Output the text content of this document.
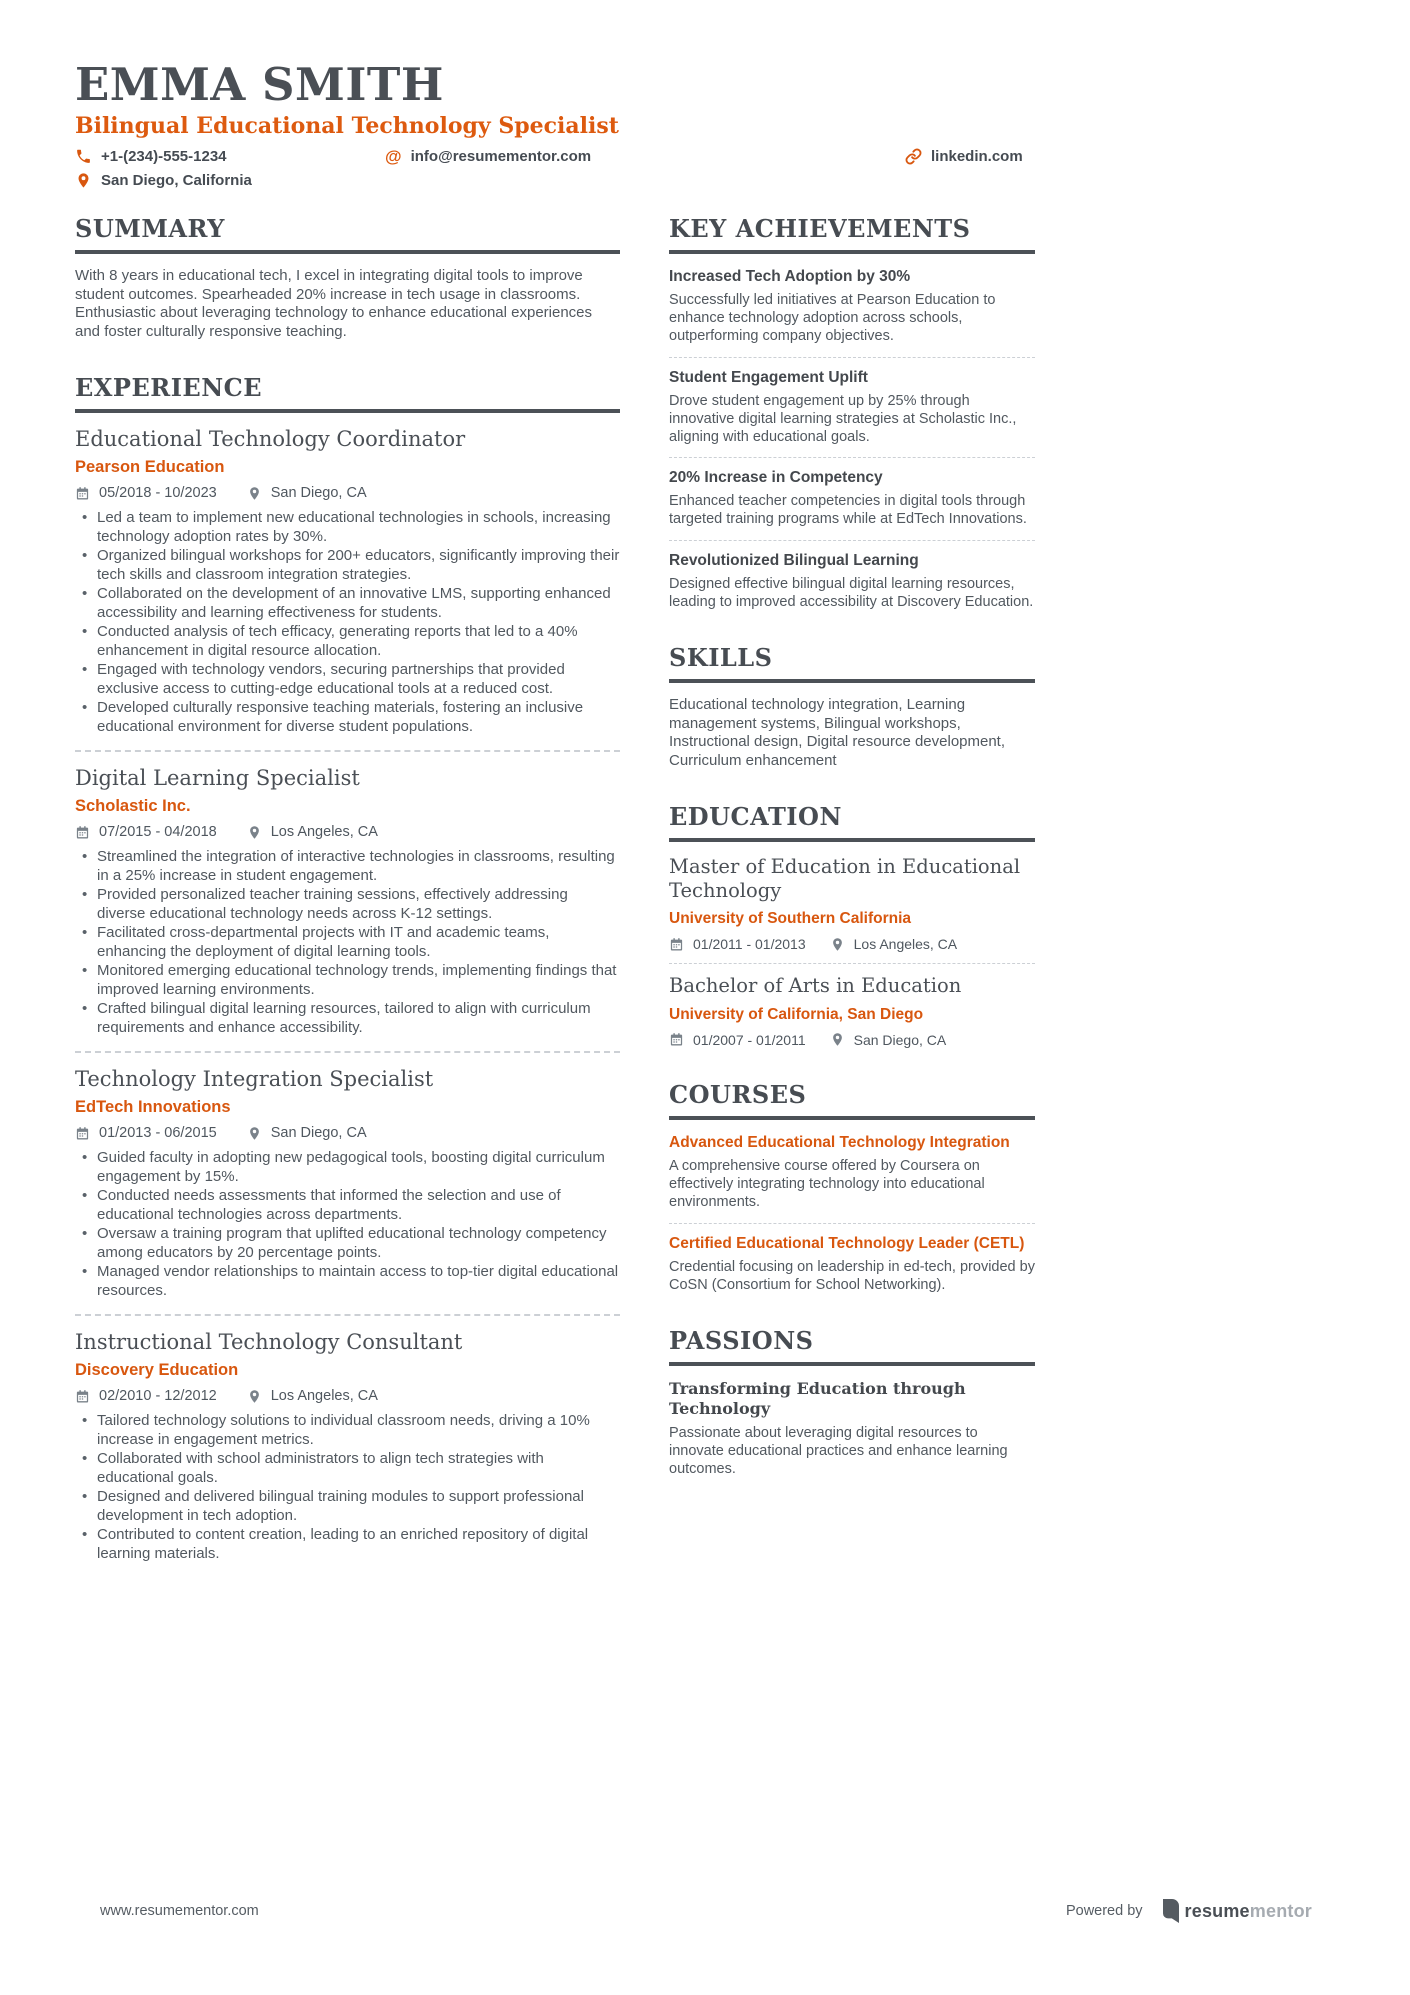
EMMA SMITH
Bilingual Educational Technology Specialist
+1-(234)-555-1234	@ info@resumementor.com	linkedin.com
San Diego, California
SUMMARY

With 8 years in educational tech, I excel in integrating digital tools to improve student outcomes. Spearheaded 20% increase in tech usage in classrooms. Enthusiastic about leveraging technology to enhance educational experiences and foster culturally responsive teaching.

EXPERIENCE
Educational Technology Coordinator
Pearson Education
05/2018 - 10/2023	San Diego, CA
• Led a team to implement new educational technologies in schools, increasing technology adoption rates by 30%.
• Organized bilingual workshops for 200+ educators, significantly improving their tech skills and classroom integration strategies.
• Collaborated on the development of an innovative LMS, supporting enhanced accessibility and learning effectiveness for students.
• Conducted analysis of tech efficacy, generating reports that led to a 40% enhancement in digital resource allocation.
• Engaged with technology vendors, securing partnerships that provided exclusive access to cutting-edge educational tools at a reduced cost.
• Developed culturally responsive teaching materials, fostering an inclusive educational environment for diverse student populations.
Digital Learning Specialist
Scholastic Inc.
07/2015 - 04/2018	Los Angeles, CA
• Streamlined the integration of interactive technologies in classrooms, resulting in a 25% increase in student engagement.
• Provided personalized teacher training sessions, effectively addressing diverse educational technology needs across K-12 settings.
• Facilitated cross-departmental projects with IT and academic teams, enhancing the deployment of digital learning tools.
• Monitored emerging educational technology trends, implementing findings that improved learning environments.
• Crafted bilingual digital learning resources, tailored to align with curriculum requirements and enhance accessibility.
Technology Integration Specialist
EdTech Innovations
01/2013 - 06/2015	San Diego, CA
• Guided faculty in adopting new pedagogical tools, boosting digital curriculum engagement by 15%.
• Conducted needs assessments that informed the selection and use of educational technologies across departments.
• Oversaw a training program that uplifted educational technology competency among educators by 20 percentage points.
• Managed vendor relationships to maintain access to top-tier digital educational resources.
Instructional Technology Consultant
Discovery Education
02/2010 - 12/2012	Los Angeles, CA
• Tailored technology solutions to individual classroom needs, driving a 10% increase in engagement metrics.
• Collaborated with school administrators to align tech strategies with educational goals.
• Designed and delivered bilingual training modules to support professional development in tech adoption.
• Contributed to content creation, leading to an enriched repository of digital learning materials.
KEY ACHIEVEMENTS
Increased Tech Adoption by 30%

Successfully led initiatives at Pearson Education to enhance technology adoption across schools, outperforming company objectives.

Student Engagement Uplift

Drove student engagement up by 25% through innovative digital learning strategies at Scholastic Inc., aligning with educational goals.

20% Increase in Competency

Enhanced teacher competencies in digital tools through targeted training programs while at EdTech Innovations.

Revolutionized Bilingual Learning

Designed effective bilingual digital learning resources, leading to improved accessibility at Discovery Education.

SKILLS

Educational technology integration, Learning management systems, Bilingual workshops, Instructional design, Digital resource development, Curriculum enhancement

EDUCATION
Master of Education in Educational Technology
University of Southern California
01/2011 - 01/2013	Los Angeles, CA
Bachelor of Arts in Education
University of California, San Diego
01/2007 - 01/2011	San Diego, CA
COURSES
Advanced Educational Technology Integration

A comprehensive course offered by Coursera on effectively integrating technology into educational environments.

Certified Educational Technology Leader (CETL)

Credential focusing on leadership in ed-tech, provided by CoSN (Consortium for School Networking).

PASSIONS
Transforming Education through Technology

Passionate about leveraging digital resources to innovate educational practices and enhance learning outcomes.

www.resumementor.com	Powered by resumementor
